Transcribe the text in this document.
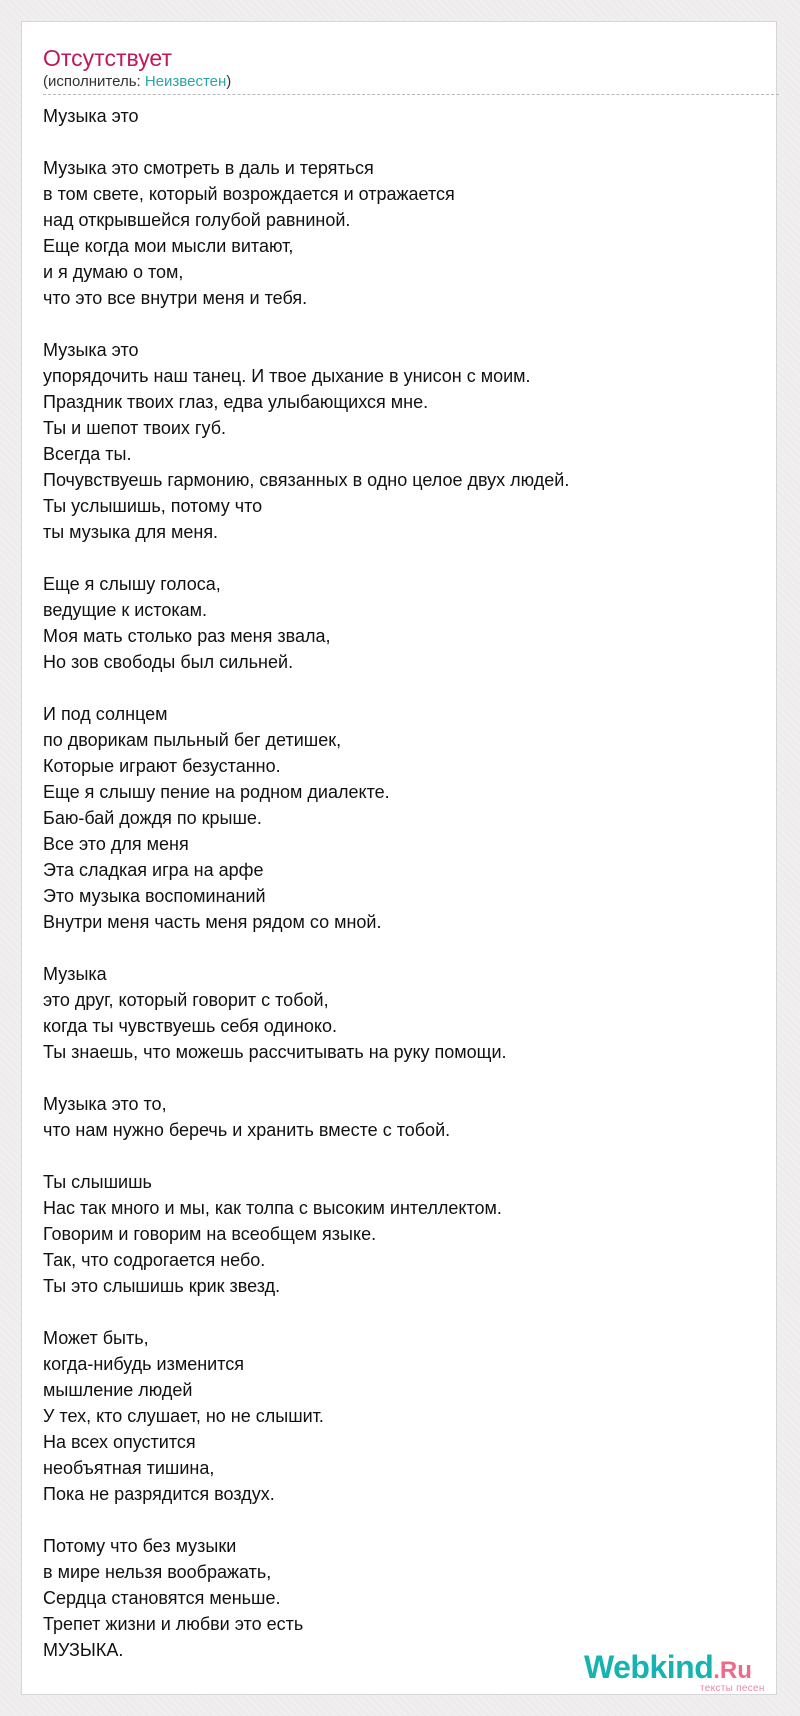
Отсутствует
(исполнитель: Неизвестен)
Музыка это
Музыка это смотреть в даль и теряться
в том свете, который возрождается и отражается
над открывшейся голубой равниной.
Еще когда мои мысли витают,
и я думаю о том,
что это все внутри меня и тебя.
Музыка это
упорядочить наш танец. И твое дыхание в унисон с моим.
Праздник твоих глаз, едва улыбающихся мне.
Ты и шепот твоих губ.
Всегда ты.
Почувствуешь гармонию, связанных в одно целое двух людей.
Ты услышишь, потому что
ты музыка для меня.
Еще я слышу голоса,
ведущие к истокам.
Моя мать столько раз меня звала,
Но зов свободы был сильней.
И под солнцем
по дворикам пыльный бег детишек,
Которые играют безустанно.
Еще я слышу пение на родном диалекте.
Баю-бай дождя по крыше.
Все это для меня
Эта сладкая игра на арфе
Это музыка воспоминаний
Внутри меня часть меня рядом со мной.
Музыка
это друг, который говорит с тобой,
когда ты чувствуешь себя одиноко.
Ты знаешь, что можешь рассчитывать на руку помощи.
Музыка это то,
что нам нужно беречь и хранить вместе с тобой.
Ты слышишь
Нас так много и мы, как толпа с высоким интеллектом.
Говорим и говорим на всеобщем языке.
Так, что содрогается небо.
Ты это слышишь крик звезд.
Может быть,
когда-нибудь изменится
мышление людей
У тех, кто слушает, но не слышит.
На всех опустится
необъятная тишина,
Пока не разрядится воздух.
Потому что без музыки
в мире нельзя воображать,
Сердца становятся меньше.
Трепет жизни и любви это есть
МУЗЫКА.	Webkind.Ru
тексты песен
